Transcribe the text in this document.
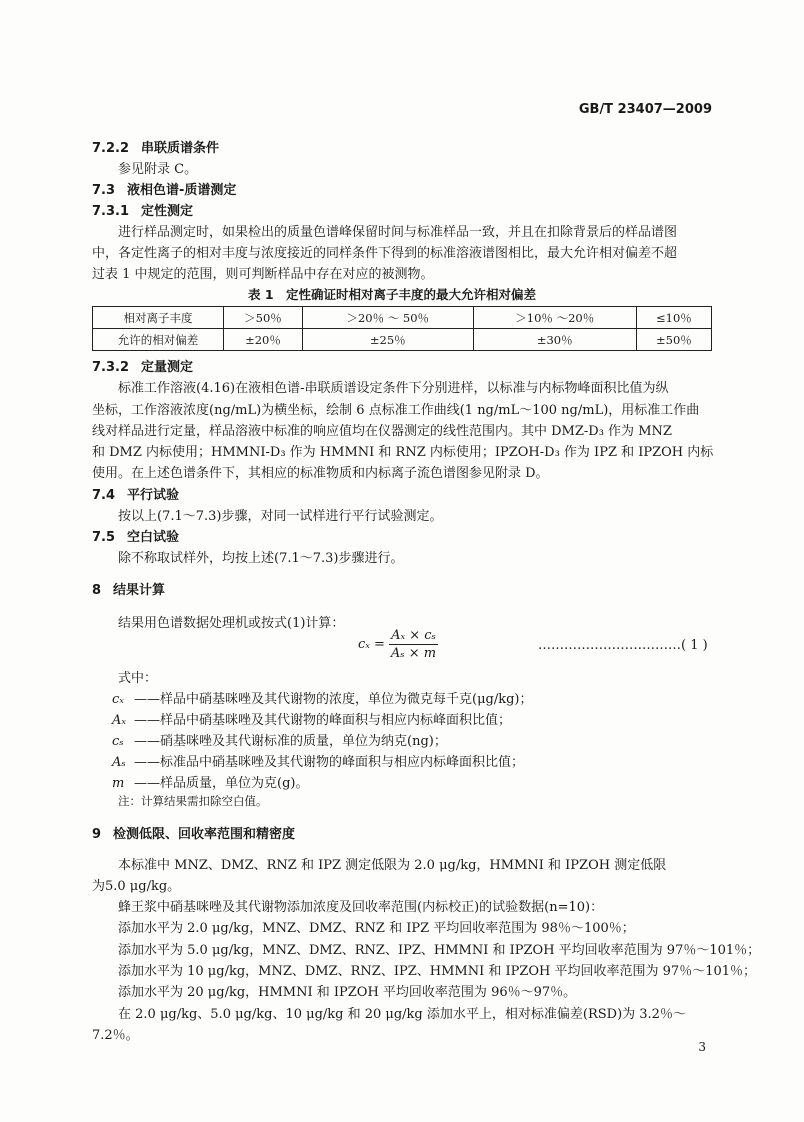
GB/T 23407—2009
7.2.2 串联质谱条件
参见附录 C。
7.3 液相色谱-质谱测定
7.3.1 定性测定
进行样品测定时，如果检出的质量色谱峰保留时间与标准样品一致，并且在扣除背景后的样品谱图
中，各定性离子的相对丰度与浓度接近的同样条件下得到的标准溶液谱图相比，最大允许相对偏差不超
过表 1 中规定的范围，则可判断样品中存在对应的被测物。
表 1　定性确证时相对离子丰度的最大允许相对偏差
相对离子丰度	＞50％	＞20％ ～ 50％	＞10％ ～20％	≤10％
允许的相对偏差	±20％	±25％	±30％	±50％
7.3.2 定量测定
标准工作溶液(4.16)在液相色谱-串联质谱设定条件下分别进样，以标准与内标物峰面积比值为纵
坐标，工作溶液浓度(ng/mL)为横坐标，绘制 6 点标准工作曲线(1 ng/mL～100 ng/mL)，用标准工作曲
线对样品进行定量，样品溶液中标准的响应值均在仪器测定的线性范围内。其中 DMZ-D₃ 作为 MNZ
和 DMZ 内标使用；HMMNI-D₃ 作为 HMMNI 和 RNZ 内标使用；IPZOH-D₃ 作为 IPZ 和 IPZOH 内标
使用。在上述色谱条件下，其相应的标准物质和内标离子流色谱图参见附录 D。
7.4 平行试验
按以上(7.1～7.3)步骤，对同一试样进行平行试验测定。
7.5 空白试验
除不称取试样外，均按上述(7.1～7.3)步骤进行。
8 结果计算
结果用色谱数据处理机或按式(1)计算：
$c_x = \frac{\text{Aₓ × cₛ}}{\text{Aₛ × m}}$	……………………………( 1 )
式中：
cₓ ——样品中硝基咪唑及其代谢物的浓度，单位为微克每千克(μg/kg)；
Aₓ ——样品中硝基咪唑及其代谢物的峰面积与相应内标峰面积比值；
cₛ ——硝基咪唑及其代谢标准的质量，单位为纳克(ng)；
Aₛ ——标准品中硝基咪唑及其代谢物的峰面积与相应内标峰面积比值；
m ——样品质量，单位为克(g)。
注：计算结果需扣除空白值。
9 检测低限、回收率范围和精密度
本标准中 MNZ、DMZ、RNZ 和 IPZ 测定低限为 2.0 μg/kg，HMMNI 和 IPZOH 测定低限
为5.0 μg/kg。
蜂王浆中硝基咪唑及其代谢物添加浓度及回收率范围(内标校正)的试验数据(n=10)：
添加水平为 2.0 μg/kg，MNZ、DMZ、RNZ 和 IPZ 平均回收率范围为 98％～100％；
添加水平为 5.0 μg/kg，MNZ、DMZ、RNZ、IPZ、HMMNI 和 IPZOH 平均回收率范围为 97％～101％；
添加水平为 10 μg/kg，MNZ、DMZ、RNZ、IPZ、HMMNI 和 IPZOH 平均回收率范围为 97％～101％；
添加水平为 20 μg/kg，HMMNI 和 IPZOH 平均回收率范围为 96％～97％。
在 2.0 μg/kg、5.0 μg/kg、10 μg/kg 和 20 μg/kg 添加水平上，相对标准偏差(RSD)为 3.2％～
7.2％。
3
